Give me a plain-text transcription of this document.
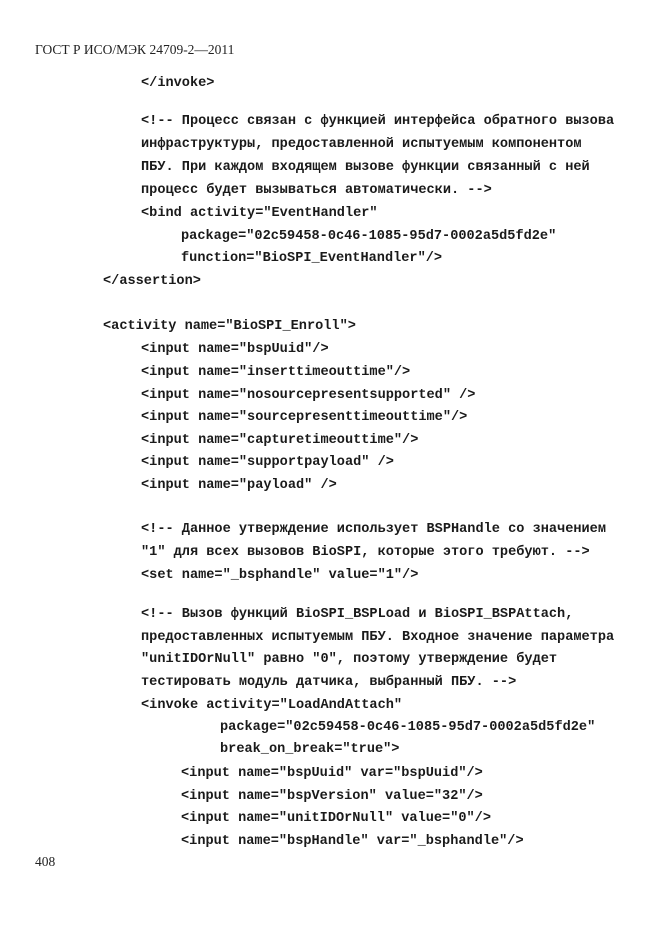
ГОСТ Р ИСО/МЭК 24709-2—2011
</invoke>
<!-- Процесс связан с функцией интерфейса обратного вызова
инфраструктуры, предоставленной испытуемым компонентом
ПБУ. При каждом входящем вызове функции связанный с ней
процесс будет вызываться автоматически. -->
<bind activity="EventHandler"
package="02c59458-0c46-1085-95d7-0002a5d5fd2e"
function="BioSPI_EventHandler"/>
</assertion>
<activity name="BioSPI_Enroll">
<input name="bspUuid"/>
<input name="inserttimeouttime"/>
<input name="nosourcepresentsupported" />
<input name="sourcepresenttimeouttime"/>
<input name="capturetimeouttime"/>
<input name="supportpayload" />
<input name="payload" />
<!-- Данное утверждение использует BSPHandle со значением
"1" для всех вызовов BioSPI, которые этого требуют. -->
<set name="_bsphandle" value="1"/>
<!-- Вызов функций BioSPI_BSPLoad и BioSPI_BSPAttach,
предоставленных испытуемым ПБУ. Входное значение параметра
"unitIDOrNull" равно "0", поэтому утверждение будет
тестировать модуль датчика, выбранный ПБУ. -->
<invoke activity="LoadAndAttach"
package="02c59458-0c46-1085-95d7-0002a5d5fd2e"
break_on_break="true">
<input name="bspUuid" var="bspUuid"/>
<input name="bspVersion" value="32"/>
<input name="unitIDOrNull" value="0"/>
<input name="bspHandle" var="_bsphandle"/>
408
